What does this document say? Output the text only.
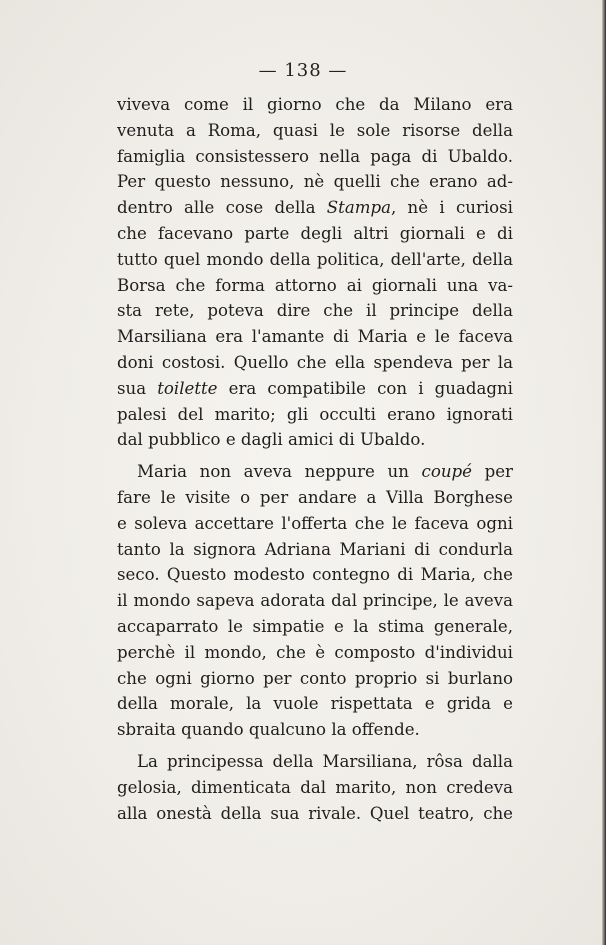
— 138 —
viveva come il giorno che da Milano era
venuta a Roma, quasi le sole risorse della
famiglia consistessero nella paga di Ubaldo.
Per questo nessuno, nè quelli che erano ad-
dentro alle cose della Stampa, nè i curiosi
che facevano parte degli altri giornali e di
tutto quel mondo della politica, dell'arte, della
Borsa che forma attorno ai giornali una va-
sta rete, poteva dire che il principe della
Marsiliana era l'amante di Maria e le faceva
doni costosi. Quello che ella spendeva per la
sua toilette era compatibile con i guadagni
palesi del marito; gli occulti erano ignorati
dal pubblico e dagli amici di Ubaldo.
Maria non aveva neppure un coupé per
fare le visite o per andare a Villa Borghese
e soleva accettare l'offerta che le faceva ogni
tanto la signora Adriana Mariani di condurla
seco. Questo modesto contegno di Maria, che
il mondo sapeva adorata dal principe, le aveva
accaparrato le simpatie e la stima generale,
perchè il mondo, che è composto d'individui
che ogni giorno per conto proprio si burlano
della morale, la vuole rispettata e grida e
sbraita quando qualcuno la offende.
La principessa della Marsiliana, rôsa dalla
gelosia, dimenticata dal marito, non credeva
alla onestà della sua rivale. Quel teatro, che
